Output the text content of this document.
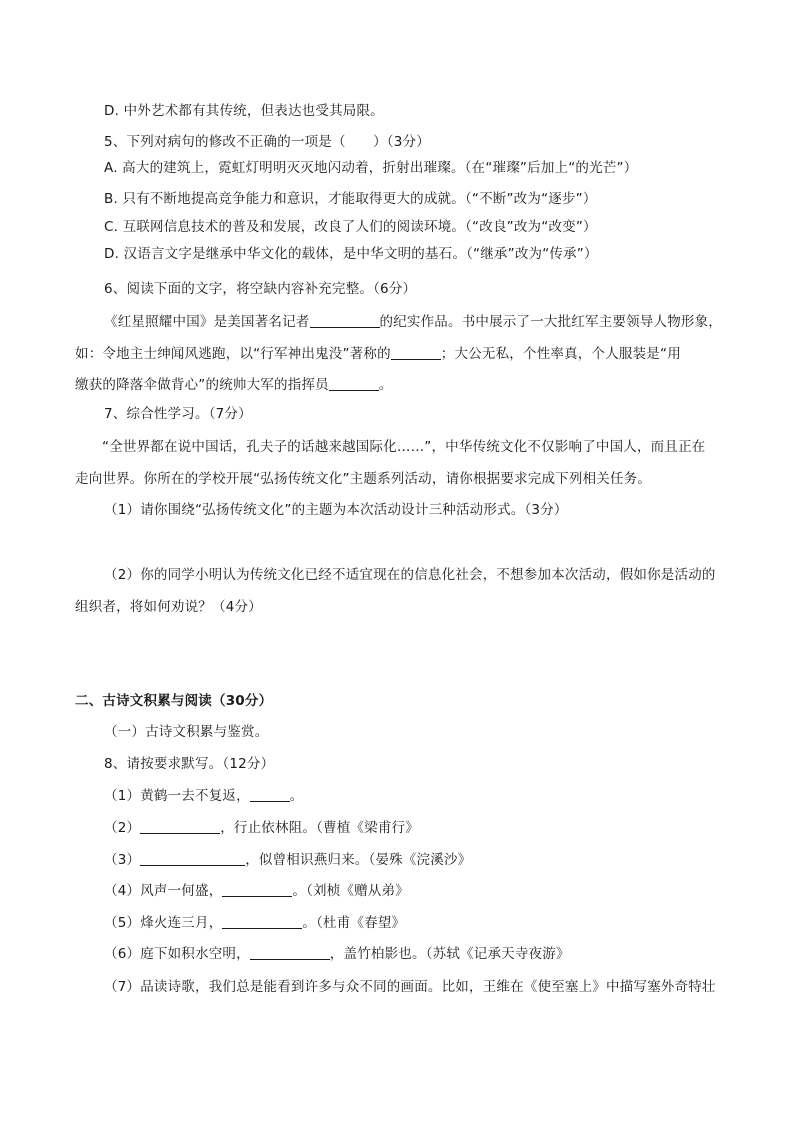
D. 中外艺术都有其传统，但表达也受其局限。
5、下列对病句的修改不正确的一项是（　　）（3分）
A. 高大的建筑上，霓虹灯明明灭灭地闪动着，折射出璀璨。（在“璀璨”后加上“的光芒”）
B. 只有不断地提高竞争能力和意识，才能取得更大的成就。（“不断”改为“逐步”）
C. 互联网信息技术的普及和发展，改良了人们的阅读环境。（“改良”改为“改变”）
D. 汉语言文字是继承中华文化的载体，是中华文明的基石。（“继承”改为“传承”）
6、阅读下面的文字，将空缺内容补充完整。（6分）
《红星照耀中国》是美国著名记者	的纪实作品。书中展示了一大批红军主要领导人物形象，
如：令地主士绅闻风逃跑，以“行军神出鬼没”著称的	；大公无私，个性率真，个人服装是“用
缴获的降落伞做背心”的统帅大军的指挥员	。
7、综合性学习。（7分）
“全世界都在说中国话，孔夫子的话越来越国际化……”，中华传统文化不仅影响了中国人，而且正在
走向世界。你所在的学校开展“弘扬传统文化”主题系列活动，请你根据要求完成下列相关任务。
（1）请你围绕“弘扬传统文化”的主题为本次活动设计三种活动形式。（3分）
（2）你的同学小明认为传统文化已经不适宜现在的信息化社会，不想参加本次活动，假如你是活动的
组织者，将如何劝说？（4分）
二、古诗文积累与阅读（30分）
（一）古诗文积累与鉴赏。
8、请按要求默写。（12分）
（1）黄鹤一去不复返，	。
（2）	，行止依林阻。（曹植《梁甫行》
（3）	，似曾相识燕归来。（晏殊《浣溪沙》
（4）风声一何盛，	。（刘桢《赠从弟》
（5）烽火连三月，	。（杜甫《春望》
（6）庭下如积水空明，	，盖竹柏影也。（苏轼《记承天寺夜游》
（7）品读诗歌，我们总是能看到许多与众不同的画面。比如，王维在《使至塞上》中描写塞外奇特壮
